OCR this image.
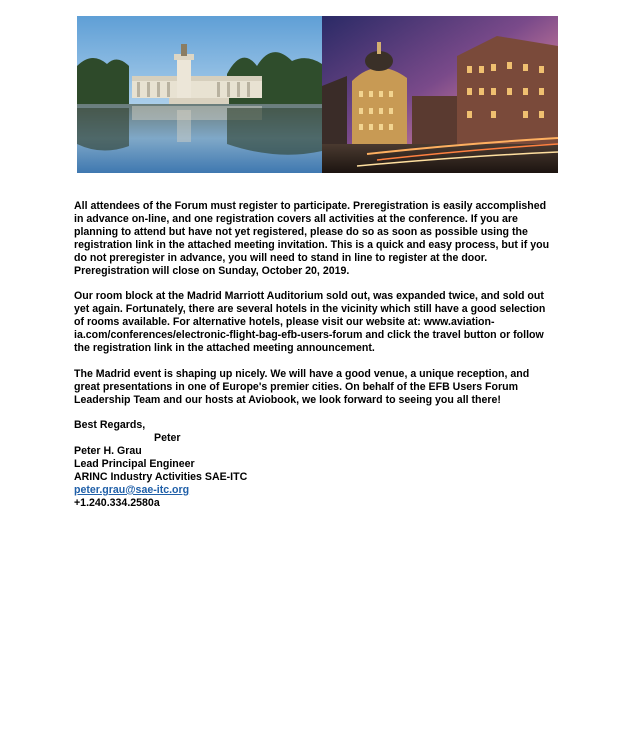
All attendees of the Forum must register to participate. Preregistration is easily accomplished in advance on-line, and one registration covers all activities at the conference. If you are planning to attend but have not yet registered, please do so as soon as possible using the registration link in the attached meeting invitation. This is a quick and easy process, but if you do not preregister in advance, you will need to stand in line to register at the door. Preregistration will close on Sunday, October 20, 2019.

Our room block at the Madrid Marriott Auditorium sold out, was expanded twice, and sold out yet again. Fortunately, there are several hotels in the vicinity which still have a good selection of rooms available. For alternative hotels, please visit our website at: www.aviation-ia.com/conferences/electronic-flight-bag-efb-users-forum and click the travel button or follow the registration link in the attached meeting announcement.

The Madrid event is shaping up nicely. We will have a good venue, a unique reception, and great presentations in one of Europe's premier cities. On behalf of the EFB Users Forum Leadership Team and our hosts at Aviobook, we look forward to seeing you all there!

Best Regards,
Peter
Peter H. Grau
Lead Principal Engineer
ARINC Industry Activities SAE-ITC
peter.grau@sae-itc.org
+1.240.334.2580a
